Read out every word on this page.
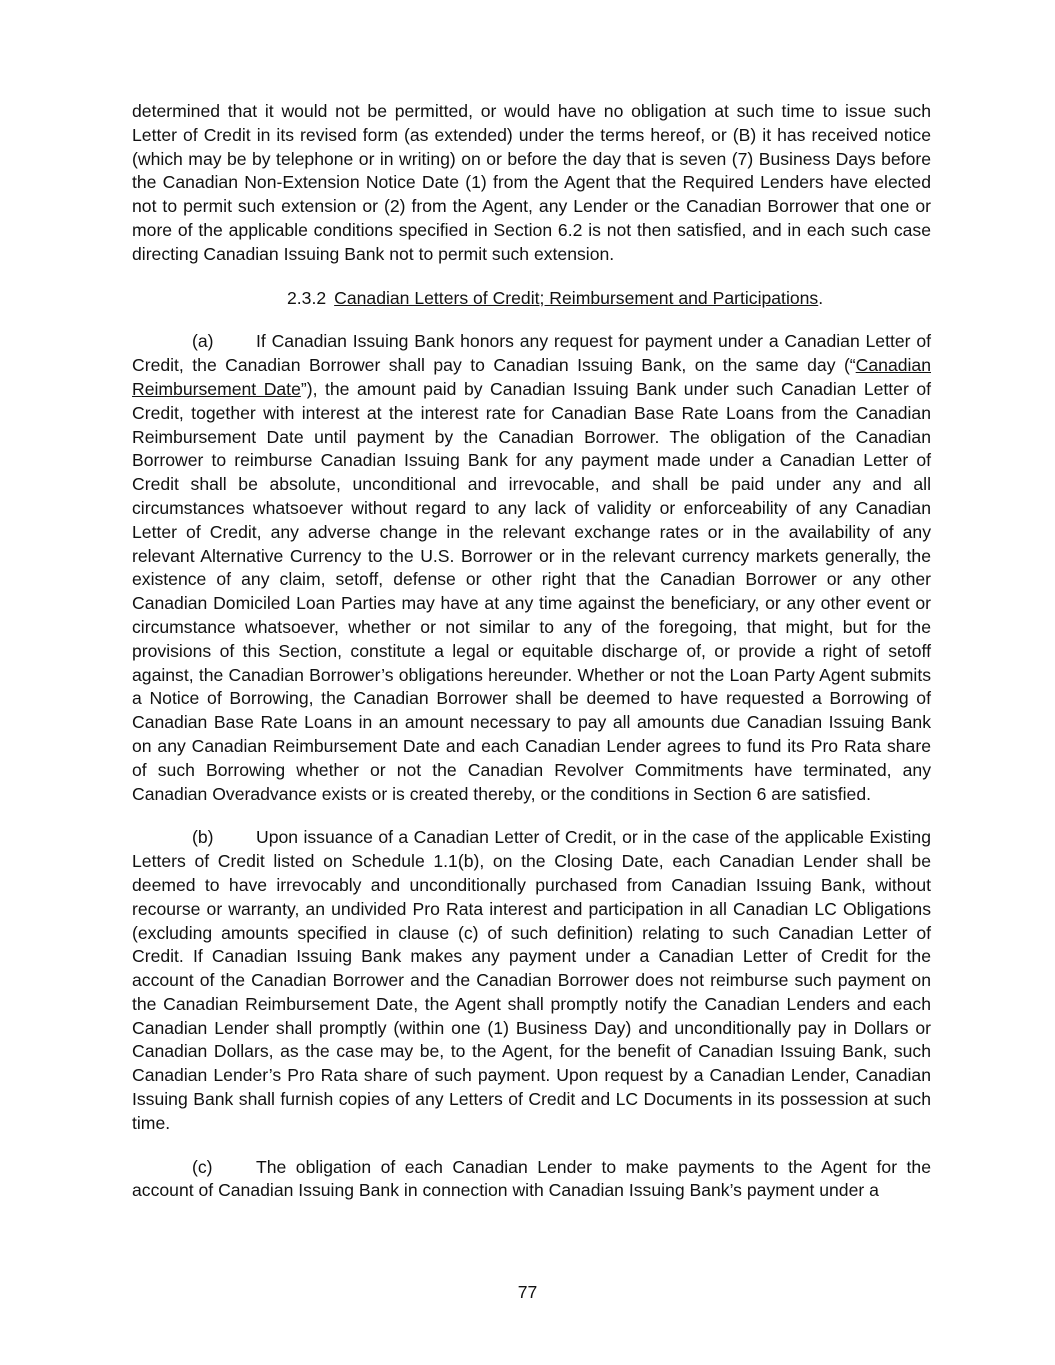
determined that it would not be permitted, or would have no obligation at such time to issue such Letter of Credit in its revised form (as extended) under the terms hereof, or (B) it has received notice (which may be by telephone or in writing) on or before the day that is seven (7) Business Days before the Canadian Non-Extension Notice Date (1) from the Agent that the Required Lenders have elected not to permit such extension or (2) from the Agent, any Lender or the Canadian Borrower that one or more of the applicable conditions specified in Section 6.2 is not then satisfied, and in each such case directing Canadian Issuing Bank not to permit such extension.

2.3.2 Canadian Letters of Credit; Reimbursement and Participations.

(a) If Canadian Issuing Bank honors any request for payment under a Canadian Letter of Credit, the Canadian Borrower shall pay to Canadian Issuing Bank, on the same day (“Canadian Reimbursement Date”), the amount paid by Canadian Issuing Bank under such Canadian Letter of Credit, together with interest at the interest rate for Canadian Base Rate Loans from the Canadian Reimbursement Date until payment by the Canadian Borrower. The obligation of the Canadian Borrower to reimburse Canadian Issuing Bank for any payment made under a Canadian Letter of Credit shall be absolute, unconditional and irrevocable, and shall be paid under any and all circumstances whatsoever without regard to any lack of validity or enforceability of any Canadian Letter of Credit, any adverse change in the relevant exchange rates or in the availability of any relevant Alternative Currency to the U.S. Borrower or in the relevant currency markets generally, the existence of any claim, setoff, defense or other right that the Canadian Borrower or any other Canadian Domiciled Loan Parties may have at any time against the beneficiary, or any other event or circumstance whatsoever, whether or not similar to any of the foregoing, that might, but for the provisions of this Section, constitute a legal or equitable discharge of, or provide a right of setoff against, the Canadian Borrower’s obligations hereunder. Whether or not the Loan Party Agent submits a Notice of Borrowing, the Canadian Borrower shall be deemed to have requested a Borrowing of Canadian Base Rate Loans in an amount necessary to pay all amounts due Canadian Issuing Bank on any Canadian Reimbursement Date and each Canadian Lender agrees to fund its Pro Rata share of such Borrowing whether or not the Canadian Revolver Commitments have terminated, any Canadian Overadvance exists or is created thereby, or the conditions in Section 6 are satisfied.

(b) Upon issuance of a Canadian Letter of Credit, or in the case of the applicable Existing Letters of Credit listed on Schedule 1.1(b), on the Closing Date, each Canadian Lender shall be deemed to have irrevocably and unconditionally purchased from Canadian Issuing Bank, without recourse or warranty, an undivided Pro Rata interest and participation in all Canadian LC Obligations (excluding amounts specified in clause (c) of such definition) relating to such Canadian Letter of Credit. If Canadian Issuing Bank makes any payment under a Canadian Letter of Credit for the account of the Canadian Borrower and the Canadian Borrower does not reimburse such payment on the Canadian Reimbursement Date, the Agent shall promptly notify the Canadian Lenders and each Canadian Lender shall promptly (within one (1) Business Day) and unconditionally pay in Dollars or Canadian Dollars, as the case may be, to the Agent, for the benefit of Canadian Issuing Bank, such Canadian Lender’s Pro Rata share of such payment. Upon request by a Canadian Lender, Canadian Issuing Bank shall furnish copies of any Letters of Credit and LC Documents in its possession at such time.

(c) The obligation of each Canadian Lender to make payments to the Agent for the account of Canadian Issuing Bank in connection with Canadian Issuing Bank’s payment under a

77
